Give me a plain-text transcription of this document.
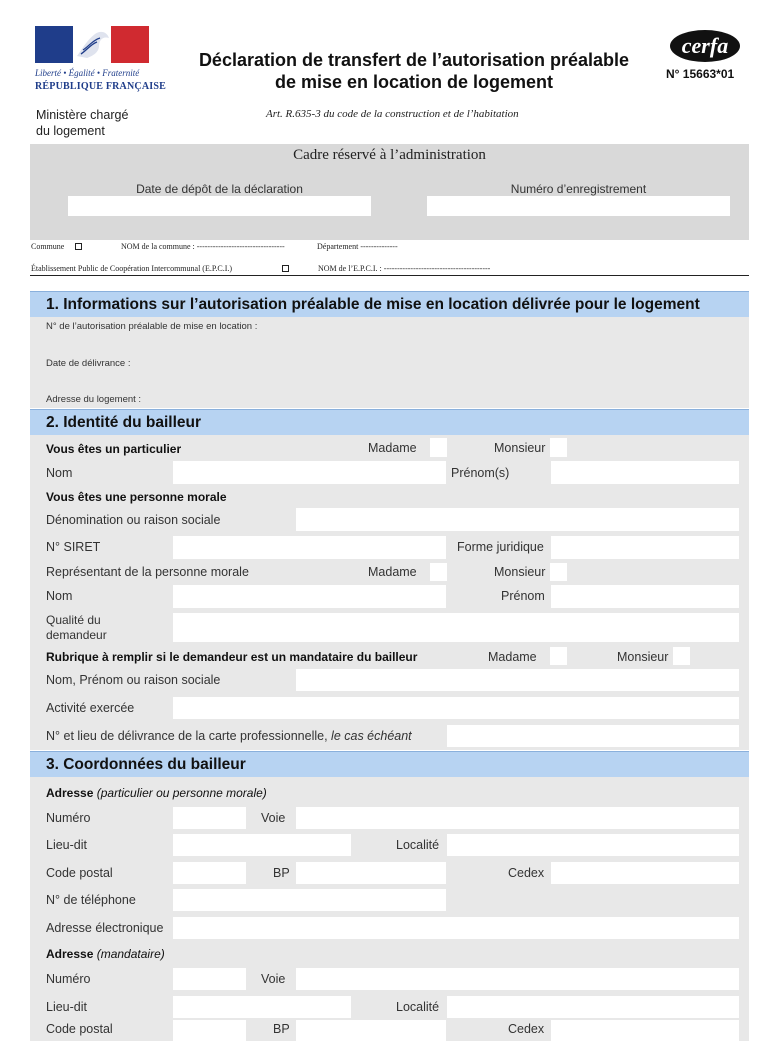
Liberté • Égalité • Fraternité
RÉPUBLIQUE FRANÇAISE
Déclaration de transfert de l’autorisation préalable
de mise en location de logement
cerfa
N° 15663*01
Ministère chargé
du logement
Art. R.635-3 du code de la construction et de l’habitation
Cadre réservé à l’administration
Date de dépôt de la déclaration	Numéro d’enregistrement
Commune	NOM de la commune : ---------------------------------	Département --------------
Établissement Public de Coopération Intercommunal (E.P.C.I.)	NOM de l’E.P.C.I. : ----------------------------------------
1. Informations sur l’autorisation préalable de mise en location délivrée pour le logement
N° de l’autorisation préalable de mise en location :
Date de délivrance :
Adresse du logement :
2. Identité du bailleur
Vous êtes un particulier	Madame	Monsieur
Nom	Prénom(s)
Vous êtes une personne morale
Dénomination ou raison sociale
N° SIRET	Forme juridique
Représentant de la personne morale	Madame	Monsieur
Nom	Prénom
Qualité du
demandeur
Rubrique à remplir si le demandeur est un mandataire du bailleur	Madame	Monsieur
Nom, Prénom ou raison sociale
Activité exercée
N° et lieu de délivrance de la carte professionnelle, le cas échéant
3. Coordonnées du bailleur
Adresse (particulier ou personne morale)
Numéro	Voie
Lieu-dit	Localité
Code postal	BP	Cedex
N° de téléphone
Adresse électronique
Adresse (mandataire)
Numéro	Voie
Lieu-dit	Localité
Code postal	BP	Cedex
